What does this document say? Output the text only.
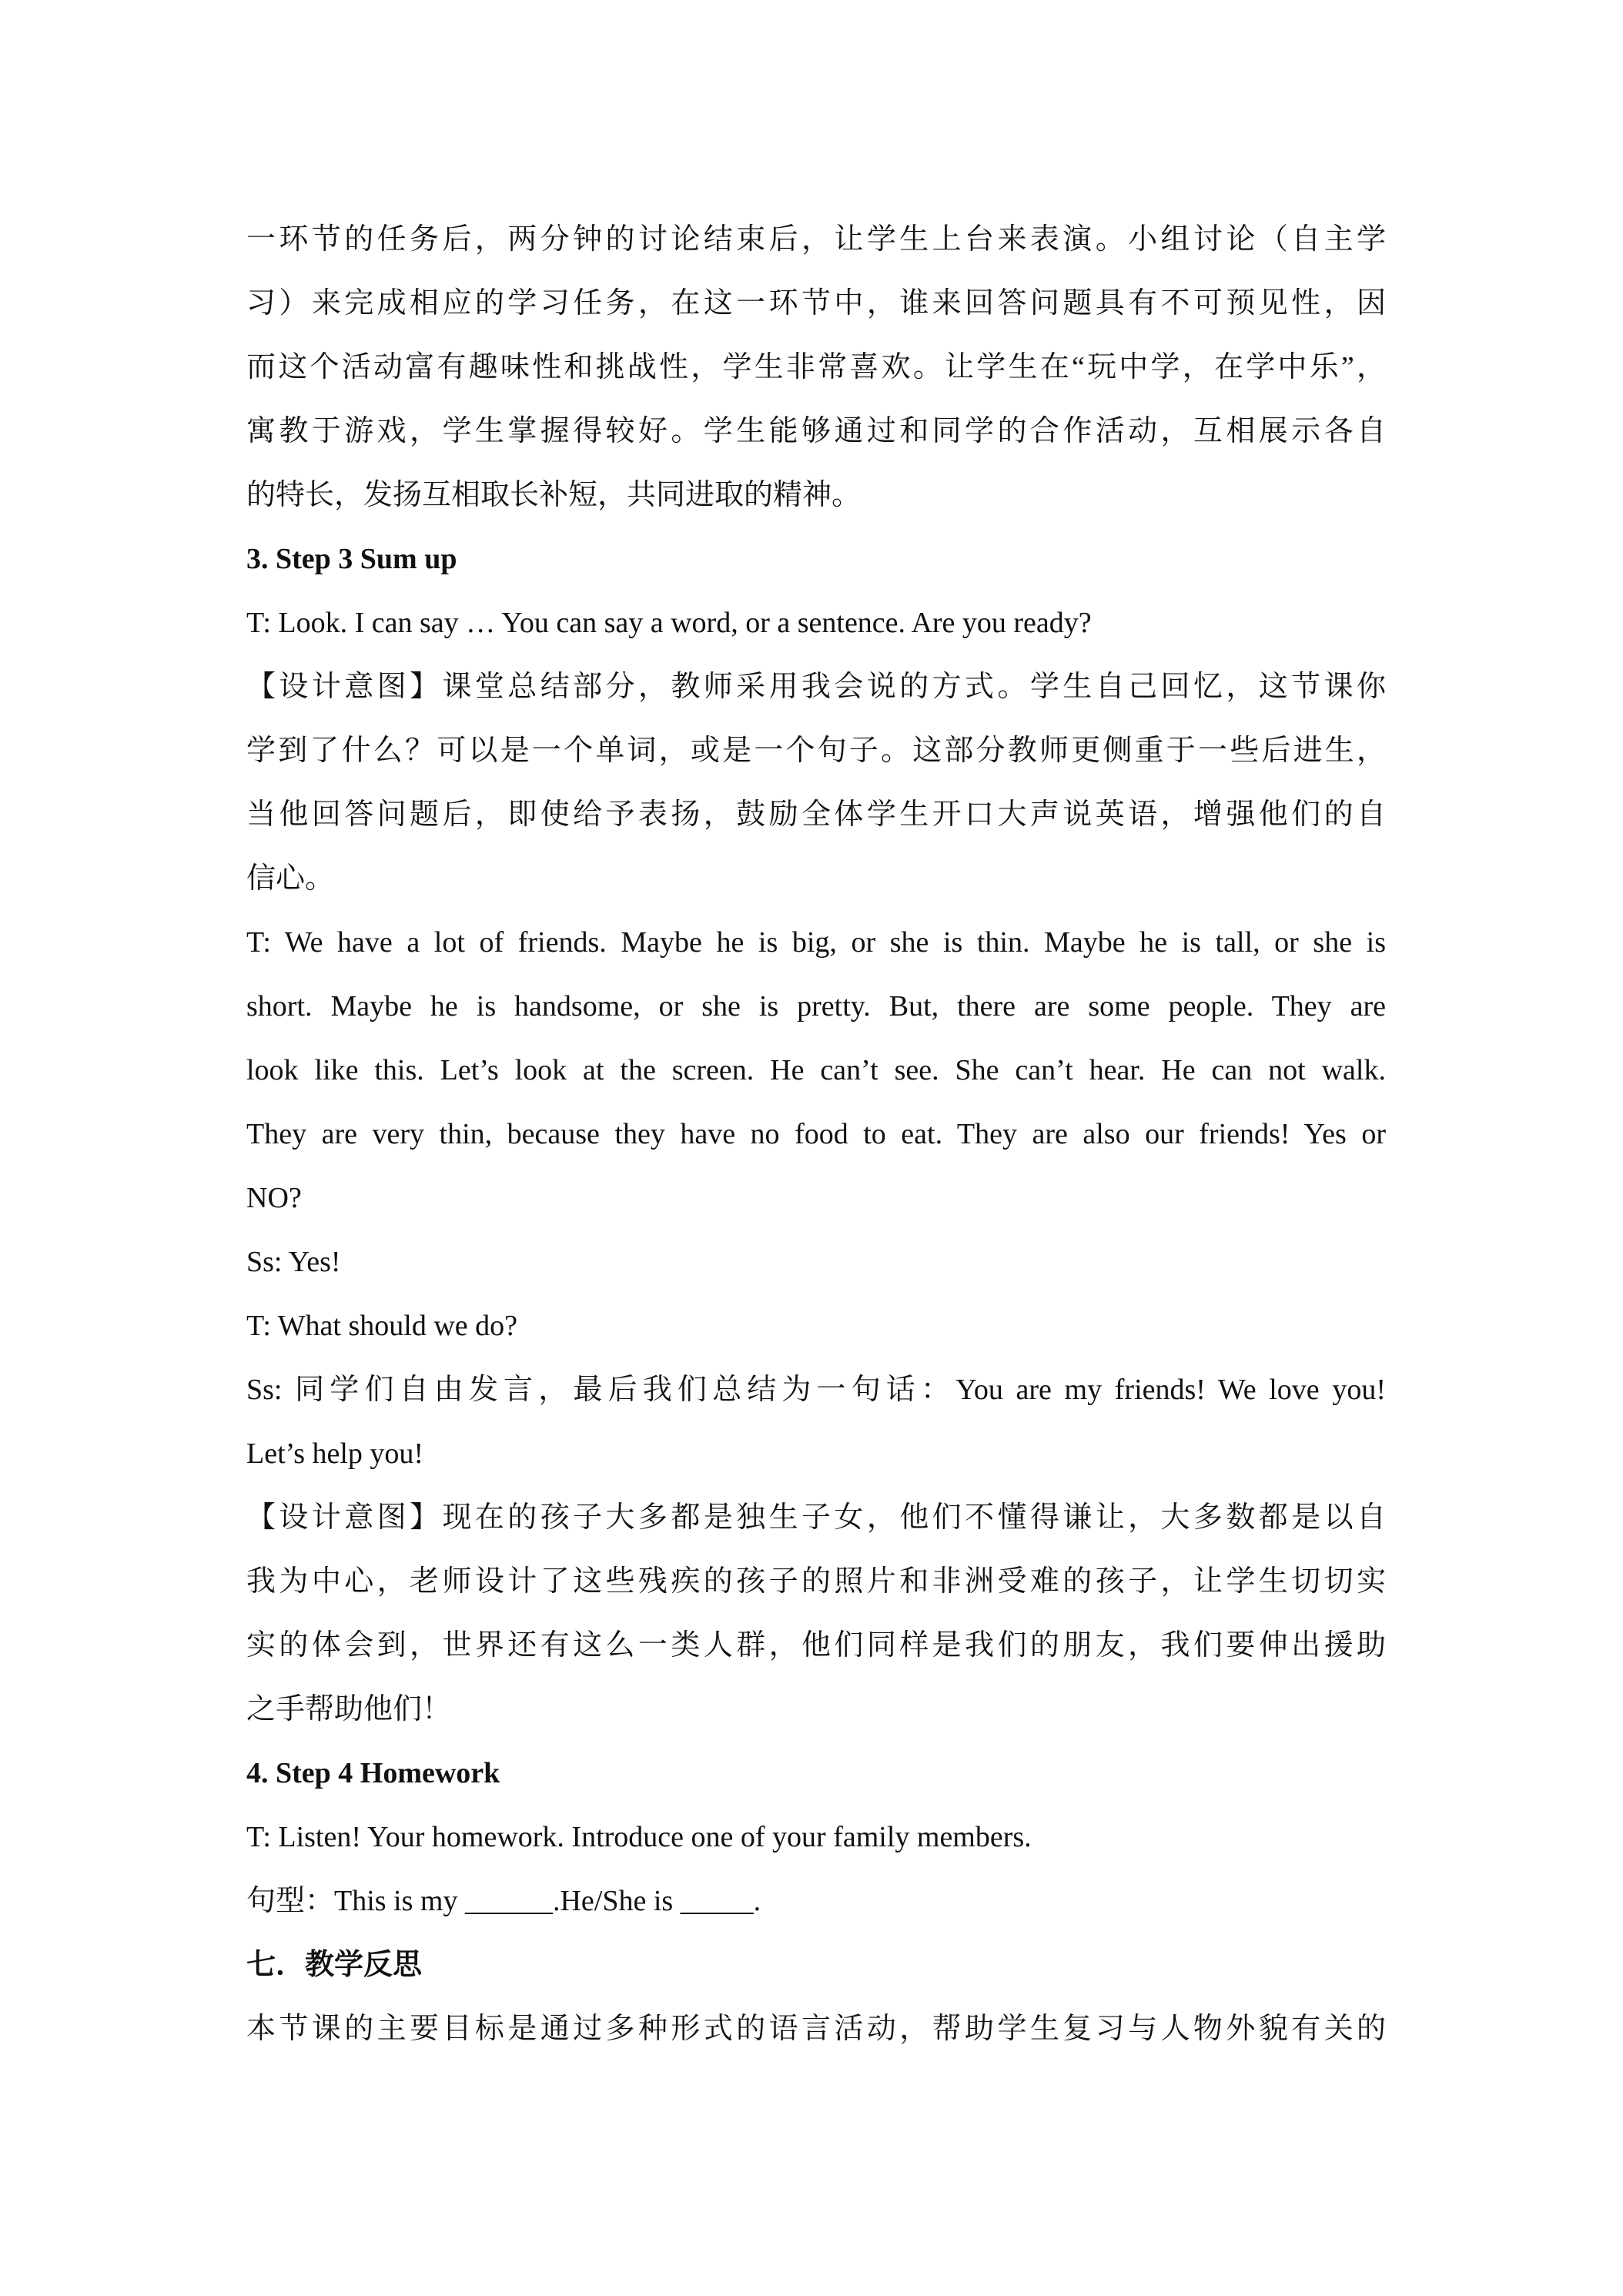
一环节的任务后，两分钟的讨论结束后，让学生上台来表演。小组讨论（自主学
习）来完成相应的学习任务，在这一环节中，谁来回答问题具有不可预见性，因
而这个活动富有趣味性和挑战性，学生非常喜欢。让学生在“玩中学，在学中乐”，
寓教于游戏，学生掌握得较好。学生能够通过和同学的合作活动，互相展示各自
的特长，发扬互相取长补短，共同进取的精神。
3. Step 3 Sum up
T: Look. I can say … You can say a word, or a sentence. Are you ready?
【设计意图】课堂总结部分，教师采用我会说的方式。学生自己回忆，这节课你
学到了什么？可以是一个单词，或是一个句子。这部分教师更侧重于一些后进生，
当他回答问题后，即使给予表扬，鼓励全体学生开口大声说英语，增强他们的自
信心。
T: We have a lot of friends. Maybe he is big, or she is thin. Maybe he is tall, or she is
short. Maybe he is handsome, or she is pretty. But, there are some people. They are
look like this. Let’s look at the screen. He can’t see. She can’t hear. He can not walk.
They are very thin, because they have no food to eat. They are also our friends! Yes or
NO?
Ss: Yes!
T: What should we do?
Ss: 同学们自由发言，最后我们总结为一句话：You are my friends! We love you!
Let’s help you!
【设计意图】现在的孩子大多都是独生子女，他们不懂得谦让，大多数都是以自
我为中心，老师设计了这些残疾的孩子的照片和非洲受难的孩子，让学生切切实
实的体会到，世界还有这么一类人群，他们同样是我们的朋友，我们要伸出援助
之手帮助他们！
4. Step 4 Homework
T: Listen! Your homework. Introduce one of your family members.
句型：This is my ______.He/She is _____.
七．教学反思
本节课的主要目标是通过多种形式的语言活动，帮助学生复习与人物外貌有关的
